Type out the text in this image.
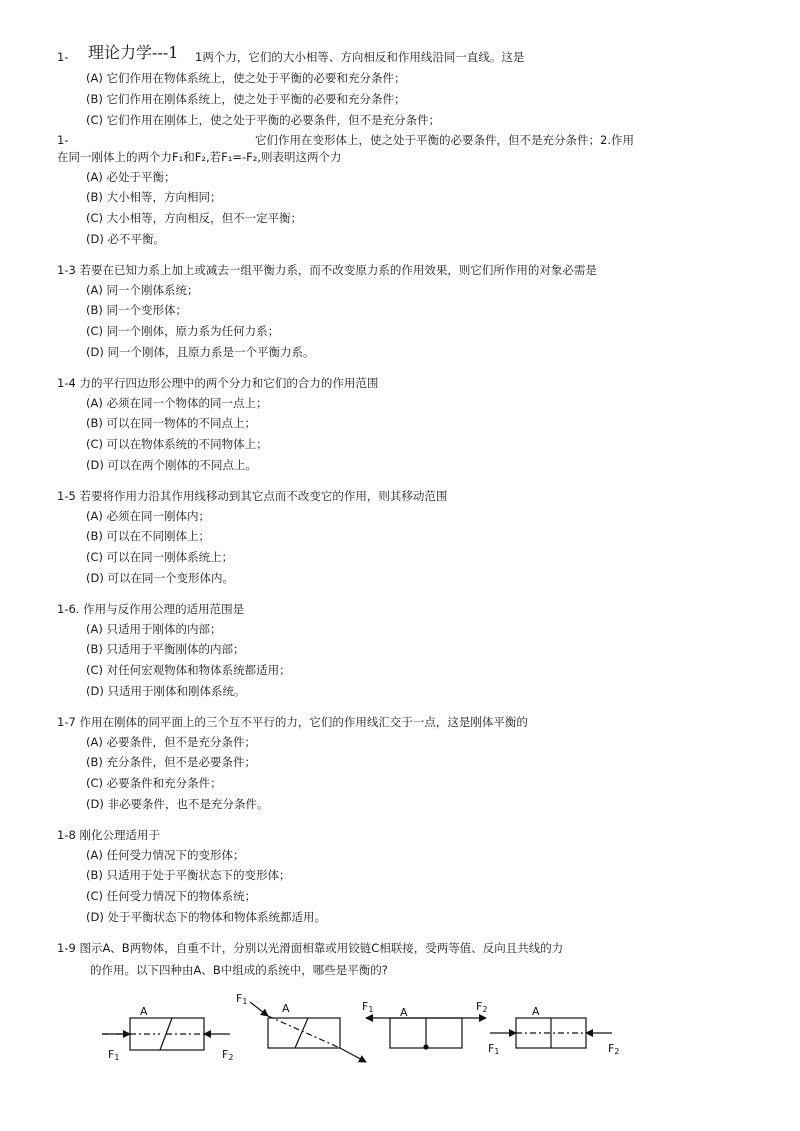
1- 理论力学---1 1两个力，它们的大小相等、方向相反和作用线沿同一直线。这是
(A) 它们作用在物体系统上，使之处于平衡的必要和充分条件；
(B) 它们作用在刚体系统上，使之处于平衡的必要和充分条件；
(C) 它们作用在刚体上，使之处于平衡的必要条件，但不是充分条件；
1-	它们作用在变形体上，使之处于平衡的必要条件，但不是充分条件；2.作用
在同一刚体上的两个力F₁和F₂,若F₁=-F₂,则表明这两个力
(A) 必处于平衡；
(B) 大小相等，方向相同；
(C) 大小相等，方向相反，但不一定平衡；
(D) 必不平衡。
1-3 若要在已知力系上加上或减去一组平衡力系，而不改变原力系的作用效果，则它们所作用的对象必需是
(A) 同一个刚体系统；
(B) 同一个变形体；
(C) 同一个刚体，原力系为任何力系；
(D) 同一个刚体，且原力系是一个平衡力系。
1-4 力的平行四边形公理中的两个分力和它们的合力的作用范围
(A) 必须在同一个物体的同一点上；
(B) 可以在同一物体的不同点上；
(C) 可以在物体系统的不同物体上；
(D) 可以在两个刚体的不同点上。
1-5 若要将作用力沿其作用线移动到其它点而不改变它的作用，则其移动范围
(A) 必须在同一刚体内；
(B) 可以在不同刚体上；
(C) 可以在同一刚体系统上；
(D) 可以在同一个变形体内。
1-6. 作用与反作用公理的适用范围是
(A) 只适用于刚体的内部；
(B) 只适用于平衡刚体的内部；
(C) 对任何宏观物体和物体系统都适用；
(D) 只适用于刚体和刚体系统。
1-7 作用在刚体的同平面上的三个互不平行的力，它们的作用线汇交于一点，这是刚体平衡的
(A) 必要条件，但不是充分条件；
(B) 充分条件，但不是必要条件；
(C) 必要条件和充分条件；
(D) 非必要条件，也不是充分条件。
1-8 刚化公理适用于
(A) 任何受力情况下的变形体；
(B) 只适用于处于平衡状态下的变形体；
(C) 任何受力情况下的物体系统；
(D) 处于平衡状态下的物体和物体系统都适用。
1-9 图示A、B两物体，自重不计，分别以光滑面相靠或用铰链C相联接，受两等值、反向且共线的力
的作用。以下四种由A、B中组成的系统中，哪些是平衡的?
A
F1	F2
A
F1
A
F1	F2	A
F1	F2
